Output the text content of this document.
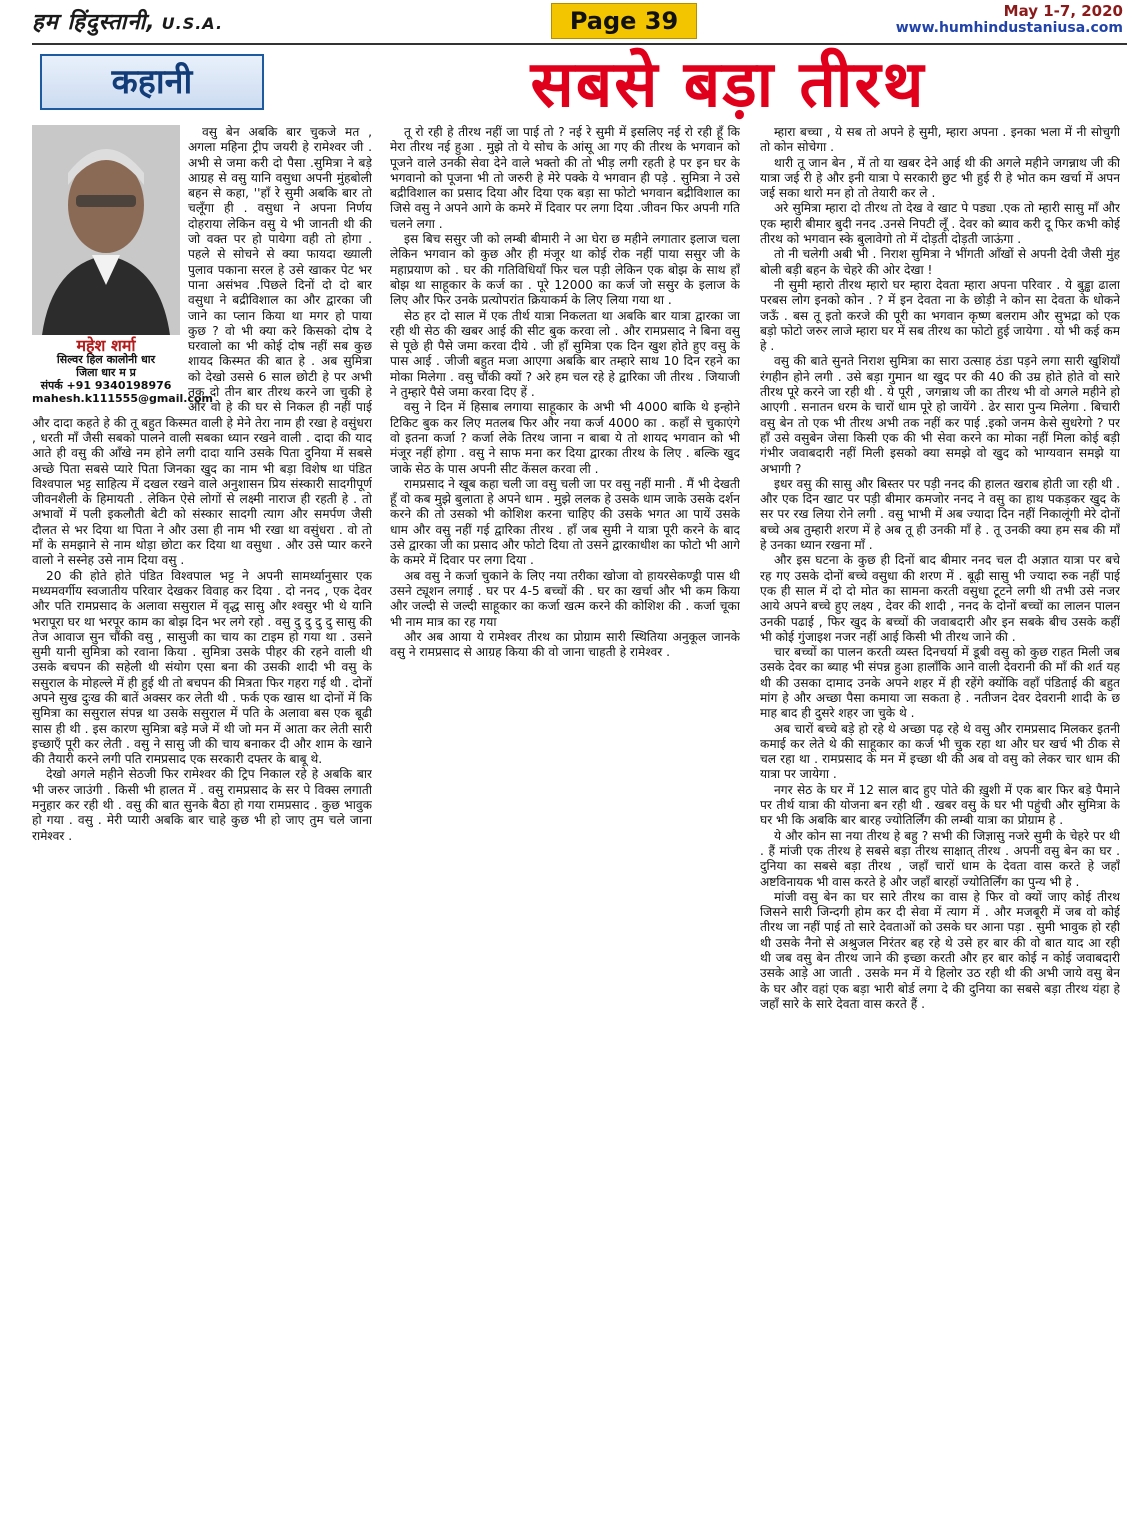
हम हिंदुस्तानी, U.S.A.	Page 39	May 1-7, 2020
www.humhindustaniusa.com
कहानी	सबसे बड़ा तीरथ
महेश शर्मा
सिल्वर हिल कालोनी धार
जिला धार म प्र
संपर्क +91 9340198976
mahesh.k111555@gmail.com

वसु बेन अबकि बार चुकजे मत , अगला महिना ट्रीप जयरी हे रामेश्वर जी . अभी से जमा करी दो पैसा .सुमित्रा ने बड़े आग्रह से वसु यानि वसुधा अपनी मुंहबोली बहन से कहा, ''हाँ रे सुमी अबकि बार तो चलूँगा ही . वसुधा ने अपना निर्णय दोहराया लेकिन वसु ये भी जानती थी की जो वक्त पर हो पायेगा वही तो होगा . पहले से सोचने से क्या फायदा ख्याली पुलाव पकाना सरल हे उसे खाकर पेट भर पाना असंभव .पिछले दिनों दो दो बार वसुधा ने बद्रीविशाल का और द्वारका जी जाने का प्लान किया था मगर हो पाया कुछ ? वो भी क्या करे किसको दोष दे घरवालो का भी कोई दोष नहीं सब कुछ शायद किस्मत की बात हे . अब सुमित्रा को देखो उससे 6 साल छोटी हे पर अभी तक दो तीन बार तीरथ करने जा चुकी हे और वो हे की घर से निकल ही नहीं पाई और दादा कहते हे की तू बहुत किस्मत वाली हे मेने तेरा नाम ही रखा हे वसुंधरा , धरती माँ जैसी सबको पालने वाली सबका ध्यान रखने वाली . दादा की याद आते ही वसु की आँखे नम होने लगी दादा यानि उसके पिता दुनिया में सबसे अच्छे पिता सबसे प्यारे पिता जिनका खुद का नाम भी बड़ा विशेष था पंडित विश्वपाल भट्ट साहित्य में दखल रखने वाले अनुशासन प्रिय संस्कारी सादगीपूर्ण जीवनशैली के हिमायती . लेकिन ऐसे लोगों से लक्ष्मी नाराज ही रहती हे . तो अभावों में पली इकलौती बेटी को संस्कार सादगी त्याग और समर्पण जैसी दौलत से भर दिया था पिता ने और उसा ही नाम भी रखा था वसुंधरा . वो तो माँ के समझाने से नाम थोड़ा छोटा कर दिया था वसुधा . और उसे प्यार करने वालो ने सस्नेह उसे नाम दिया वसु .

20 की होते होते पंडित विश्वपाल भट्ट ने अपनी सामर्थ्यानुसार एक मध्यमवर्गीय स्वजातीय परिवार देखकर विवाह कर दिया . दो ननद , एक देवर और पति रामप्रसाद के अलावा ससुराल में वृद्ध सासु और श्वसुर भी थे यानि भरापूरा घर था भरपूर काम का बोझ दिन भर लगे रहो . वसु दु दु दु दु सासु की तेज आवाज सुन चौंकी वसु , सासुजी का चाय का टाइम हो गया था . उसने सुमी यानी सुमित्रा को रवाना किया . सुमित्रा उसके पीहर की रहने वाली थी उसके बचपन की सहेली थी संयोग एसा बना की उसकी शादी भी वसु के ससुराल के मोहल्ले में ही हुई थी तो बचपन की मित्रता फिर गहरा गई थी . दोनों अपने सुख दुःख की बातें अक्सर कर लेती थी . फर्क एक खास था दोनों में कि सुमित्रा का ससुराल संपन्न था उसके ससुराल में पति के अलावा बस एक बूढी सास ही थी . इस कारण सुमित्रा बड़े मजे में थी जो मन में आता कर लेती सारी इच्छाएँ पूरी कर लेती . वसु ने सासु जी की चाय बनाकर दी और शाम के खाने की तैयारी करने लगी पति रामप्रसाद एक सरकारी दफ्तर के बाबू थे.

देखो अगले महीने सेठजी फिर रामेश्वर की ट्रिप निकाल रहे हे अबकि बार भी जरुर जाउंगी . किसी भी हालत में . वसु रामप्रसाद के सर पे विक्स लगाती मनुहार कर रही थी . वसु की बात सुनके बैठा हो गया रामप्रसाद . कुछ भावुक हो गया . वसु . मेरी प्यारी अबकि बार चाहे कुछ भी हो जाए तुम चले जाना रामेश्वर .

तू रो रही हे तीरथ नहीं जा पाई तो ? नई रे सुमी में इसलिए नई रो रही हूँ कि मेरा तीरथ नई हुआ . मुझे तो ये सोच के आंसू आ गए की तीरथ के भगवान को पूजने वाले उनकी सेवा देने वाले भक्तो की तो भीड़ लगी रहती हे पर इन घर के भगवानो को पूजना भी तो जरुरी हे मेरे पक्के ये भगवान ही पड़े . सुमित्रा ने उसे बद्रीविशाल का प्रसाद दिया और दिया एक बड़ा सा फोटो भगवान बद्रीविशाल का जिसे वसु ने अपने आगे के कमरे में दिवार पर लगा दिया .जीवन फिर अपनी गति चलने लगा .

इस बिच ससुर जी को लम्बी बीमारी ने आ घेरा छ महीने लगातार इलाज चला लेकिन भगवान को कुछ और ही मंजूर था कोई रोक नहीं पाया ससुर जी के महाप्रयाण को . घर की गतिविधियाँ फिर चल पड़ी लेकिन एक बोझ के साथ हाँ बोझ था साहूकार के कर्ज का . पूरे 12000 का कर्ज जो ससुर के इलाज के लिए और फिर उनके प्रत्योपरांत क्रियाकर्म के लिए लिया गया था .

सेठ हर दो साल में एक तीर्थ यात्रा निकलता था अबकि बार यात्रा द्वारका जा रही थी सेठ की खबर आई की सीट बुक करवा लो . और रामप्रसाद ने बिना वसु से पूछे ही पैसे जमा करवा दीये . जी हाँ सुमित्रा एक दिन खुश होते हुए वसु के पास आई . जीजी बहुत मजा आएगा अबकि बार तम्हारे साथ 10 दिन रहने का मोका मिलेगा . वसु चौंकी क्यों ? अरे हम चल रहे हे द्वारिका जी तीरथ . जियाजी ने तुम्हारे पैसे जमा करवा दिए हें .

वसु ने दिन में हिसाब लगाया साहूकार के अभी भी 4000 बाकि थे इन्होने टिकिट बुक कर लिए मतलब फिर और नया कर्ज 4000 का . कहाँ से चुकाएंगे वो इतना कर्जा ? कर्जा लेके तिरथ जाना न बाबा ये तो शायद भगवान को भी मंजूर नहीं होगा . वसु ने साफ मना कर दिया द्वारका तीरथ के लिए . बल्कि खुद जाके सेठ के पास अपनी सीट केंसल करवा ली .

रामप्रसाद ने खूब कहा चली जा वसु चली जा पर वसु नहीं मानी . मैं भी देखती हूँ वो कब मुझे बुलाता हे अपने धाम . मुझे ललक हे उसके धाम जाके उसके दर्शन करने की तो उसको भी कोशिश करना चाहिए की उसके भगत आ पायें उसके धाम और वसु नहीं गई द्वारिका तीरथ . हाँ जब सुमी ने यात्रा पूरी करने के बाद उसे द्वारका जी का प्रसाद और फोटो दिया तो उसने द्वारकाधीश का फोटो भी आगे के कमरे में दिवार पर लगा दिया .

अब वसु ने कर्जा चुकाने के लिए नया तरीका खोजा वो हायरसेकण्ड्री पास थी उसने ट्यूशन लगाई . घर पर 4-5 बच्चों की . घर का खर्चा और भी कम किया और जल्दी से जल्दी साहूकार का कर्जा खत्म करने की कोशिश की . कर्जा चूका भी नाम मात्र का रह गया

और अब आया ये रामेश्वर तीरथ का प्रोग्राम सारी स्थितिया अनुकूल जानके वसु ने रामप्रसाद से आग्रह किया की वो जाना चाहती हे रामेश्वर .

म्हारा बच्चा , ये सब तो अपने हे सुमी, म्हारा अपना . इनका भला में नी सोचुगी तो कोन सोचेगा .

थारी तू जान बेन , में तो या खबर देने आई थी की अगले महीने जगन्नाथ जी की यात्रा जई री हे और इनी यात्रा पे सरकारी छुट भी हुई री हे भोत कम खर्चा में अपन जई सका थारो मन हो तो तेयारी कर ले .

अरे सुमित्रा म्हारा दो तीरथ तो देख वे खाट पे पड्या .एक तो म्हारी सासु माँ और एक म्हारी बीमार बुदी ननद .उनसे निपटी लूँ . देवर को ब्याव करी दू फिर कभी कोई तीरथ को भगवान स्के बुलावेगो तो में दोड़ती दोड़ती जाऊंगा .

तो नी चलेगी अबी भी . निराश सुमित्रा ने भींगती आँखों से अपनी देवी जैसी मुंह बोली बड़ी बहन के चेहरे की ओर देखा !

नी सुमी म्हारो तीरथ म्हारो घर म्हारा देवता म्हारा अपना परिवार . ये बुड्ढा ढाला परबस लोग इनको कोन . ? में इन देवता ना के छोड़ी ने कोन सा देवता के धोकने जऊँ . बस तू इतो करजे की पूरी का भगवान कृष्ण बलराम और सुभद्रा को एक बड़ो फोटो जरुर लाजे म्हारा घर में सब तीरथ का फोटो हुई जायेगा . यो भी कई कम हे .

वसु की बाते सुनते निराश सुमित्रा का सारा उत्साह ठंडा पड़ने लगा सारी खुशियाँ रंगहीन होने लगी . उसे बड़ा गुमान था खुद पर की 40 की उम्र होते होते वो सारे तीरथ पूरे करने जा रही थी . ये पूरी , जगन्नाथ जी का तीरथ भी वो अगले महीने हो आएगी . सनातन धरम के चारों धाम पूरे हो जायेंगे . ढेर सारा पुन्य मिलेगा . बिचारी वसु बेन तो एक भी तीरथ अभी तक नहीं कर पाई .इको जनम केसे सुधरेगो ? पर हाँ उसे वसुबेन जेसा किसी एक की भी सेवा करने का मोका नहीं मिला कोई बड़ी गंभीर जवाबदारी नहीं मिली इसको क्या समझे वो खुद को भाग्यवान समझे या अभागी ?

इधर वसु की सासु और बिस्तर पर पड़ी ननद की हालत खराब होती जा रही थी . और एक दिन खाट पर पड़ी बीमार कमजोर ननद ने वसु का हाथ पकड़कर खुद के सर पर रख लिया रोने लगी . वसु भाभी में अब ज्यादा दिन नहीं निकालूंगी मेरे दोनों बच्चे अब तुम्हारी शरण में हे अब तू ही उनकी माँ हे . तू उनकी क्या हम सब की माँ हे उनका ध्यान रखना माँ .

और इस घटना के कुछ ही दिनों बाद बीमार ननद चल दी अज्ञात यात्रा पर बचे रह गए उसके दोनों बच्चे वसुधा की शरण में . बूढ़ी सासु भी ज्यादा रुक नहीं पाई एक ही साल में दो दो मोत का सामना करती वसुधा टूटने लगी थी तभी उसे नजर आये अपने बच्चे हुए लक्ष्य , देवर की शादी , ननद के दोनों बच्चों का लालन पालन उनकी पढाई , फिर खुद के बच्चों की जवाबदारी और इन सबके बीच उसके कहीं भी कोई गुंजाइश नजर नहीं आई किसी भी तीरथ जाने की .

चार बच्चों का पालन करती व्यस्त दिनचर्या में डूबी वसु को कुछ राहत मिली जब उसके देवर का ब्याह भी संपन्न हुआ हालाँकि आने वाली देवरानी की माँ की शर्त यह थी की उसका दामाद उनके अपने शहर में ही रहेंगे क्योंकि वहाँ पंडिताई की बहुत मांग हे और अच्छा पैसा कमाया जा सकता हे . नतीजन देवर देवरानी शादी के छ माह बाद ही दुसरे शहर जा चुके थे .

अब चारों बच्चे बड़े हो रहे थे अच्छा पढ़ रहे थे वसु और रामप्रसाद मिलकर इतनी कमाई कर लेते थे की साहूकार का कर्ज भी चुक रहा था और घर खर्च भी ठीक से चल रहा था . रामप्रसाद के मन में इच्छा थी की अब वो वसु को लेकर चार धाम की यात्रा पर जायेगा .

नगर सेठ के घर में 12 साल बाद हुए पोते की ख़ुशी में एक बार फिर बड़े पैमाने पर तीर्थ यात्रा की योजना बन रही थी . खबर वसु के घर भी पहुंची और सुमित्रा के घर भी कि अबकि बार बारह ज्योतिर्लिंग की लम्बी यात्रा का प्रोग्राम हे .

ये और कोन सा नया तीरथ हे बहु ? सभी की जिज्ञासु नजरे सुमी के चेहरे पर थी . हैं मांजी एक तीरथ हे सबसे बड़ा तीरथ साक्षात् तीरथ . अपनी वसु बेन का घर . दुनिया का सबसे बड़ा तीरथ , जहाँ चारों धाम के देवता वास करते हे जहाँ अष्टविनायक भी वास करते हे और जहाँ बारहों ज्योतिर्लिंग का पुन्य भी हे .

मांजी वसु बेन का घर सारे तीरथ का वास हे फिर वो क्यों जाए कोई तीरथ जिसने सारी जिन्दगी होम कर दी सेवा में त्याग में . और मजबूरी में जब वो कोई तीरथ जा नहीं पाई तो सारे देवताओं को उसके घर आना पड़ा . सुमी भावुक हो रही थी उसके नैनो से अश्रुजल निरंतर बह रहे थे उसे हर बार की वो बात याद आ रही थी जब वसु बेन तीरथ जाने की इच्छा करती और हर बार कोई न कोई जवाबदारी उसके आड़े आ जाती . उसके मन में ये हिलोर उठ रही थी की अभी जाये वसु बेन के घर और वहां एक बड़ा भारी बोर्ड लगा दे की दुनिया का सबसे बड़ा तीरथ यंहा हे जहाँ सारे के सारे देवता वास करते हैं .
